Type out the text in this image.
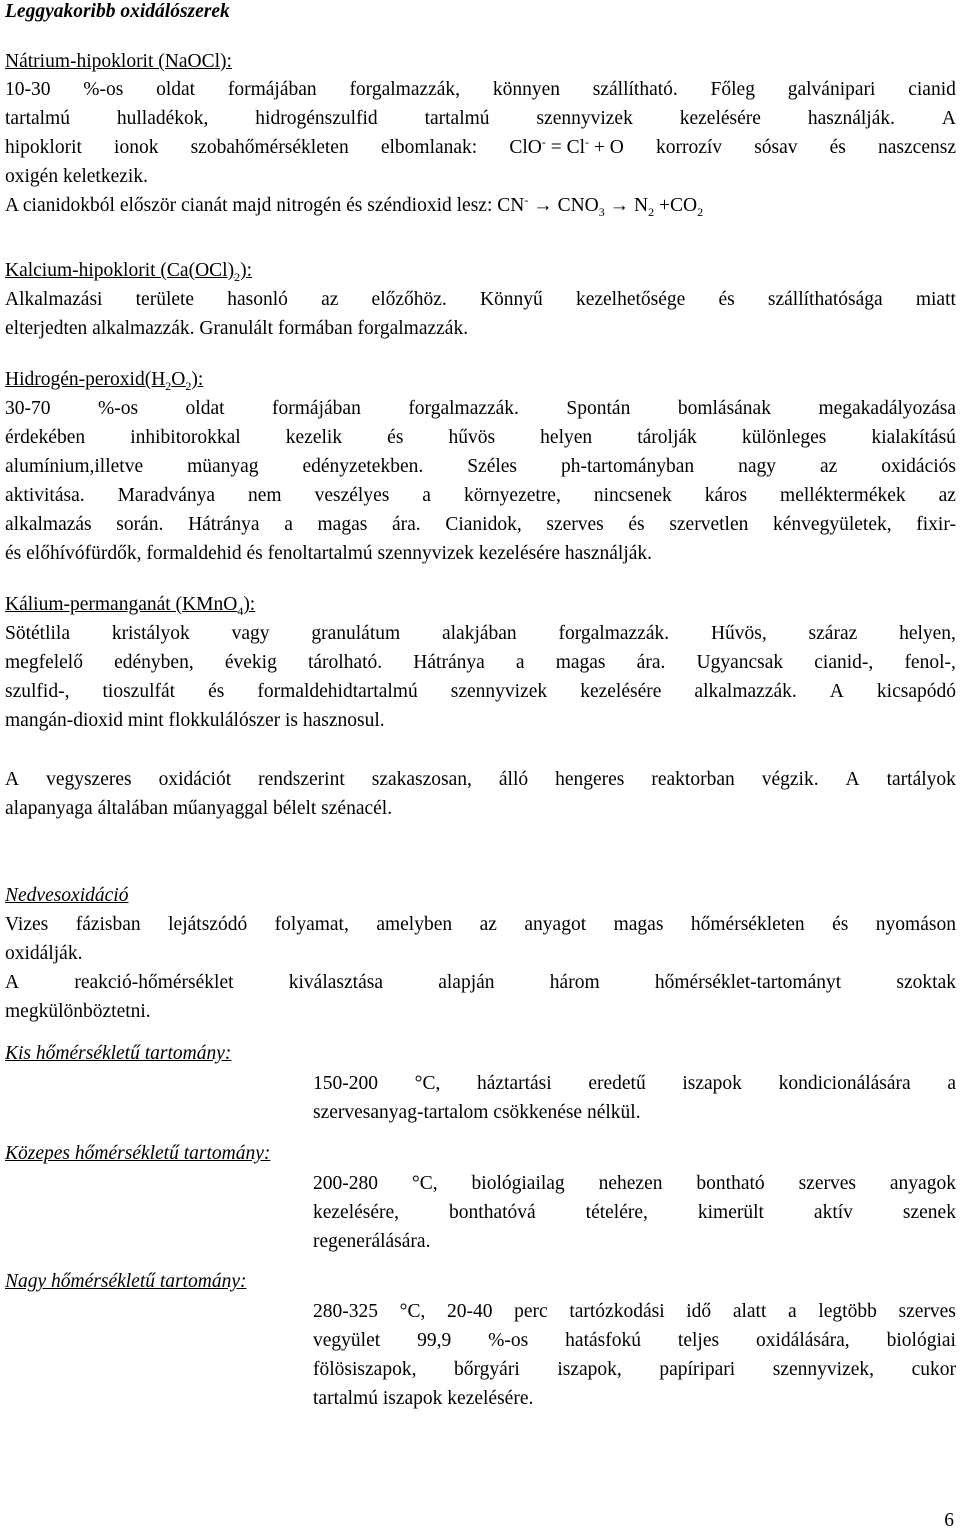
Leggyakoribb oxidálószerek
Nátrium-hipoklorit (NaOCl):
10-30 %-os oldat formájában forgalmazzák, könnyen szállítható. Főleg galvánipari cianid
tartalmú hulladékok, hidrogénszulfid tartalmú szennyvizek kezelésére használják. A
hipoklorit ionok szobahőmérsékleten elbomlanak: ClO- = Cl- + O korrozív sósav és naszcensz
oxigén keletkezik.
A cianidokból először cianát majd nitrogén és széndioxid lesz: $CN^- \to CNO_3 \to N_2 +CO_2$
Kalcium-hipoklorit $(Ca(OCl)_2)$:
Alkalmazási területe hasonló az előzőhöz. Könnyű kezelhetősége és szállíthatósága miatt
elterjedten alkalmazzák. Granulált formában forgalmazzák.
Hidrogén-$peroxid(H_2O_2)$:
30-70 %-os oldat formájában forgalmazzák. Spontán bomlásának megakadályozása
érdekében inhibitorokkal kezelik és hűvös helyen tárolják különleges kialakítású
alumínium,illetve müanyag edényzetekben. Széles ph-tartományban nagy az oxidációs
aktivitása. Maradványa nem veszélyes a környezetre, nincsenek káros melléktermékek az
alkalmazás során. Hátránya a magas ára. Cianidok, szerves és szervetlen kénvegyületek, fixir-
és előhívófürdők, formaldehid és fenoltartalmú szennyvizek kezelésére használják.
Kálium-permanganát (KMnO$_4$):
Sötétlila kristályok vagy granulátum alakjában forgalmazzák. Hűvös, száraz helyen,
megfelelő edényben, évekig tárolható. Hátránya a magas ára. Ugyancsak cianid-, fenol-,
szulfid-, tioszulfát és formaldehidtartalmú szennyvizek kezelésére alkalmazzák. A kicsapódó
mangán-dioxid mint flokkulálószer is hasznosul.
A vegyszeres oxidációt rendszerint szakaszosan, álló hengeres reaktorban végzik. A tartályok
alapanyaga általában műanyaggal bélelt szénacél.
Nedvesoxidáció
Vizes fázisban lejátszódó folyamat, amelyben az anyagot magas hőmérsékleten és nyomáson
oxidálják.
A	reakció-hőmérséklet	kiválasztása	alapján	három	hőmérséklet-tartományt	szoktak
megkülönböztetni.
Kis hőmérsékletű tartomány:
150-200 °C, háztartási eredetű iszapok kondicionálására a
szervesanyag-tartalom csökkenése nélkül.
Közepes hőmérsékletű tartomány:
200-280 °C, biológiailag nehezen bontható szerves anyagok
kezelésére,	bonthatóvá	tételére,	kimerült	aktív	szenek
regenerálására.
Nagy hőmérsékletű tartomány:
280-325 °C, 20-40 perc tartózkodási idő alatt a legtöbb szerves
vegyület 99,9 %-os hatásfokú teljes oxidálására, biológiai
fölösiszapok, bőrgyári iszapok, papíripari szennyvizek, cukor
tartalmú iszapok kezelésére.
6
